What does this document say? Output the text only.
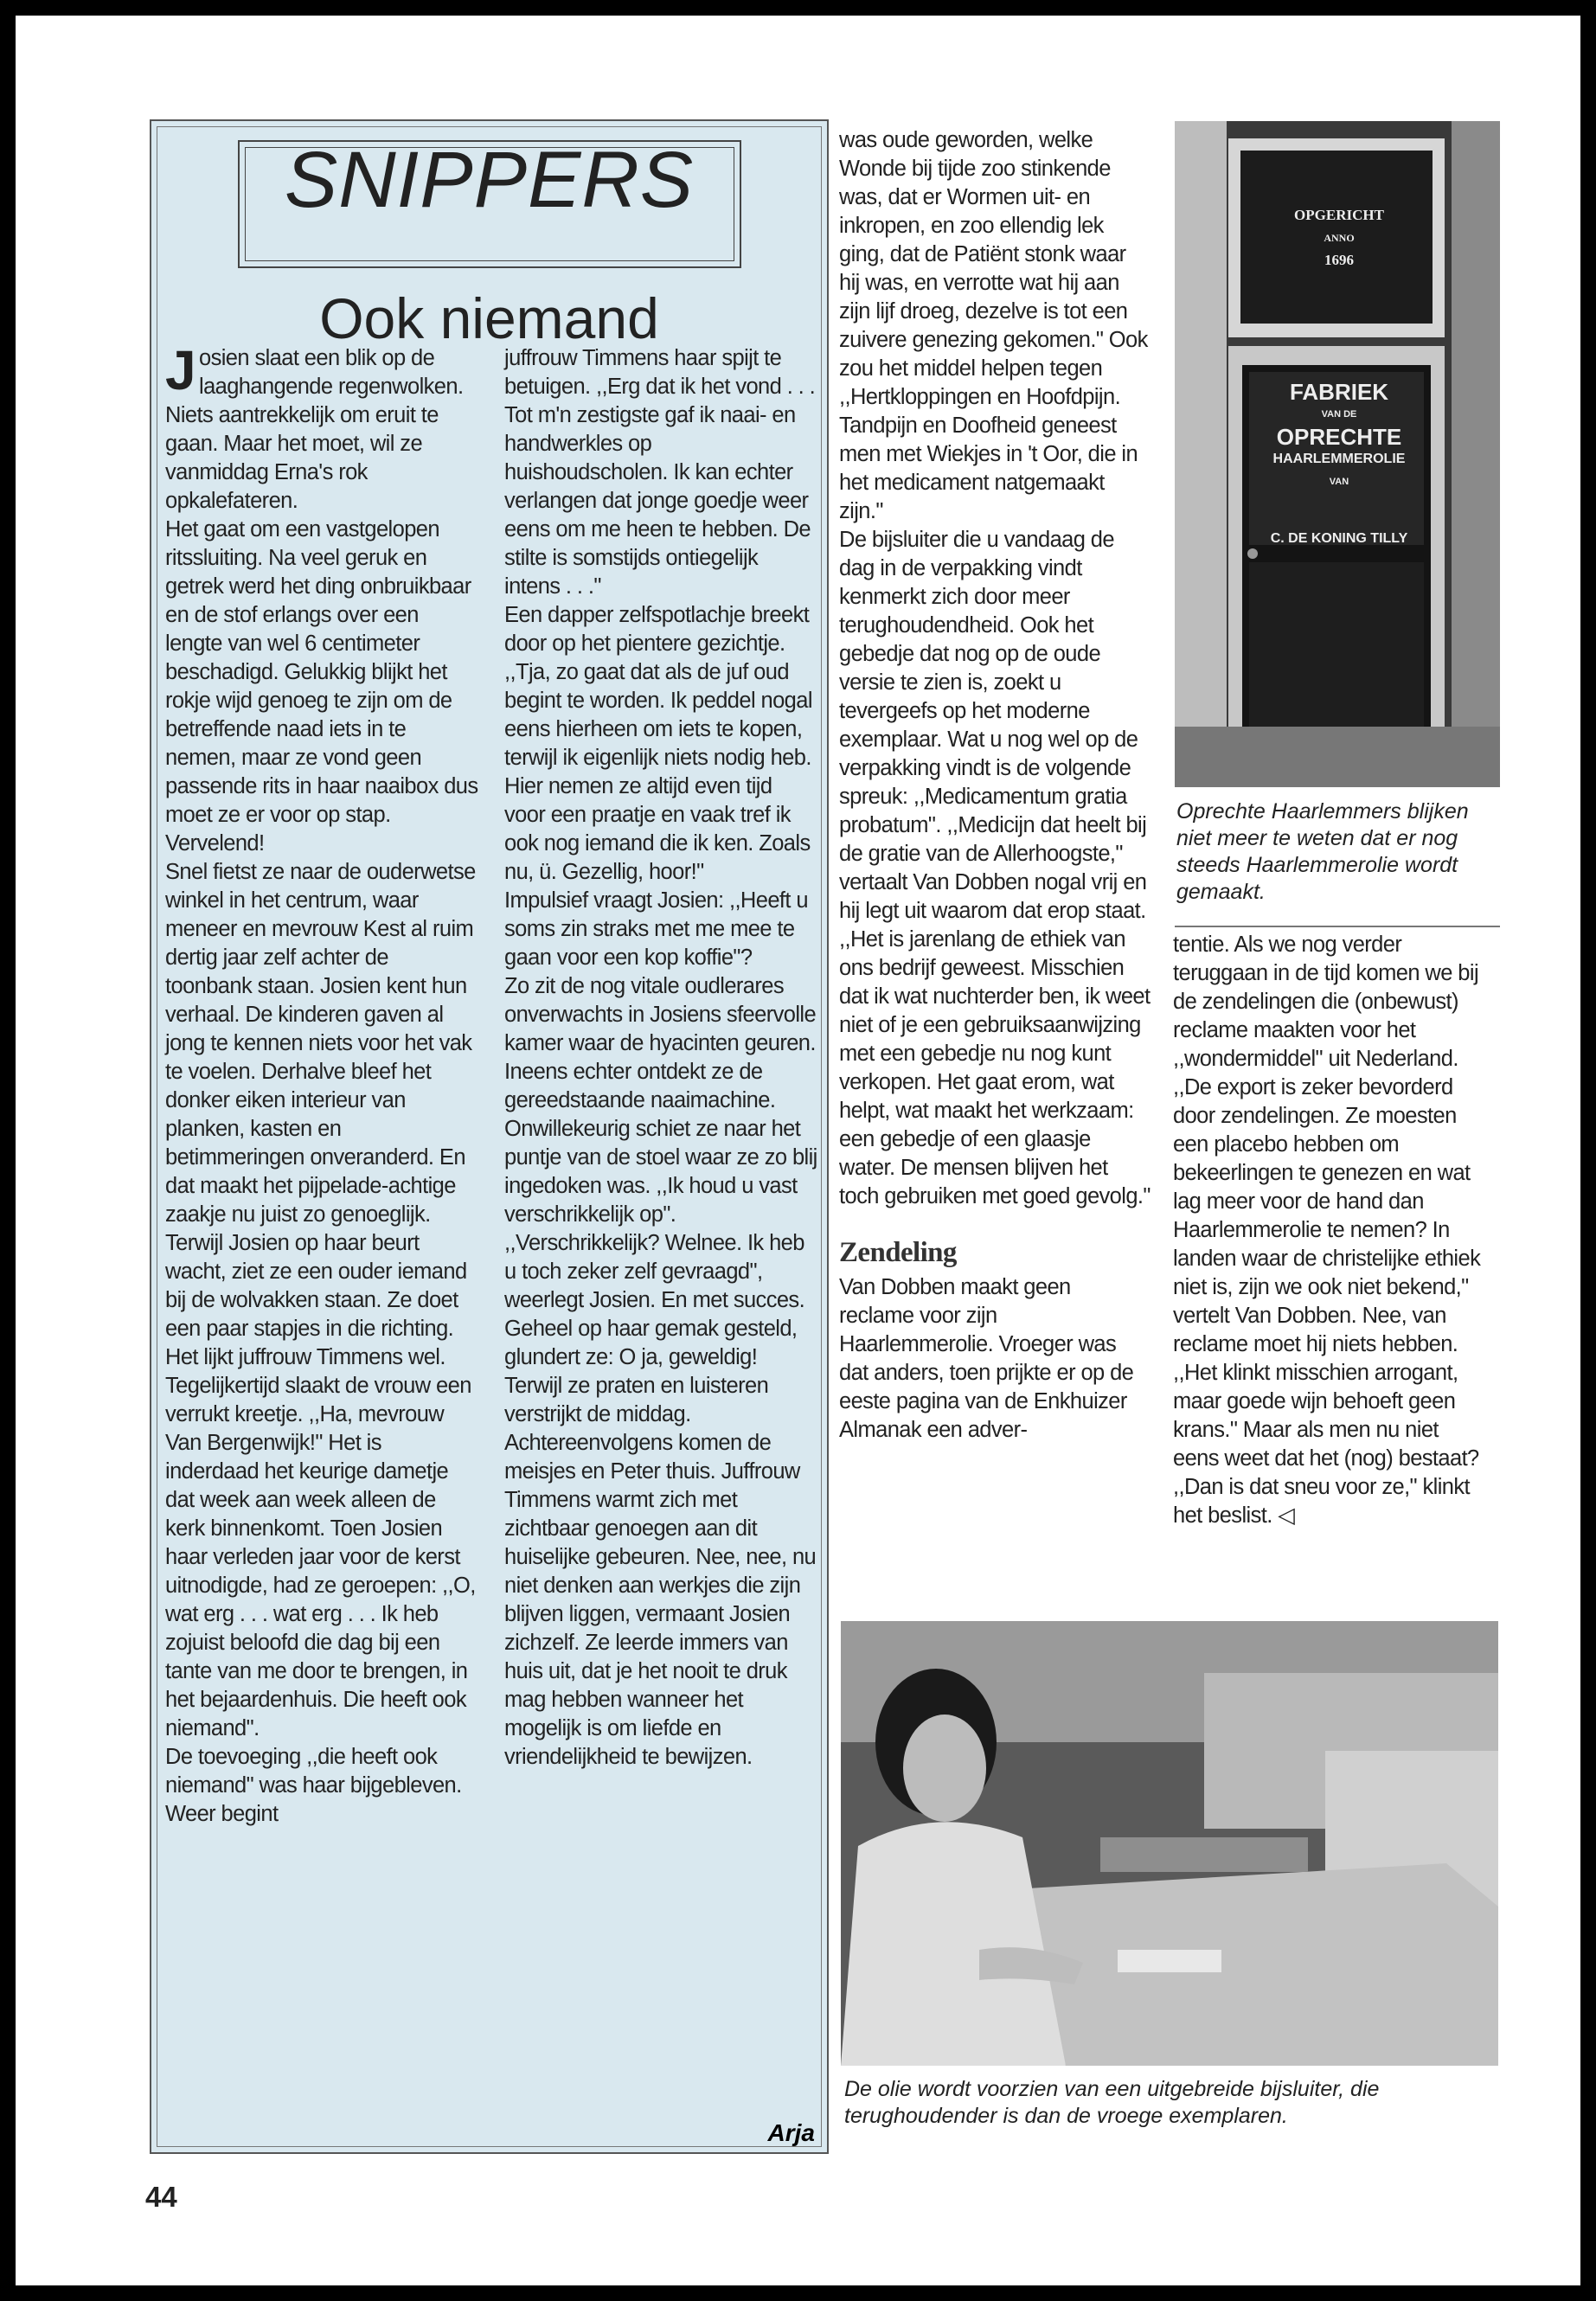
SNIPPERS
Ook niemand

Josien slaat een blik op de laaghangende regenwolken. Niets aantrekkelijk om eruit te gaan. Maar het moet, wil ze vanmiddag Erna's rok opkalefateren.

Het gaat om een vastgelopen ritssluiting. Na veel geruk en getrek werd het ding onbruikbaar en de stof erlangs over een lengte van wel 6 centimeter beschadigd. Gelukkig blijkt het rokje wijd genoeg te zijn om de betreffende naad iets in te nemen, maar ze vond geen passende rits in haar naaibox dus moet ze er voor op stap. Vervelend!

Snel fietst ze naar de ouderwetse winkel in het centrum, waar meneer en mevrouw Kest al ruim dertig jaar zelf achter de toonbank staan. Josien kent hun verhaal. De kinderen gaven al jong te kennen niets voor het vak te voelen. Derhalve bleef het donker eiken interieur van planken, kasten en betimmeringen onveranderd. En dat maakt het pijpelade-achtige zaakje nu juist zo genoeglijk.

Terwijl Josien op haar beurt wacht, ziet ze een ouder iemand bij de wolvakken staan. Ze doet een paar stapjes in die richting. Het lijkt juffrouw Timmens wel. Tegelijkertijd slaakt de vrouw een verrukt kreetje. ,,Ha, mevrouw Van Bergenwijk!" Het is inderdaad het keurige dametje dat week aan week alleen de kerk binnenkomt. Toen Josien haar verleden jaar voor de kerst uitnodigde, had ze geroepen: ,,O, wat erg . . . wat erg . . . Ik heb zojuist beloofd die dag bij een tante van me door te brengen, in het bejaardenhuis. Die heeft ook niemand".

De toevoeging ,,die heeft ook niemand" was haar bijgebleven. Weer begint

juffrouw Timmens haar spijt te betuigen. ,,Erg dat ik het vond . . . Tot m'n zestigste gaf ik naai- en handwerkles op huishoudscholen. Ik kan echter verlangen dat jonge goedje weer eens om me heen te hebben. De stilte is somstijds ontiegelijk intens . . ."

Een dapper zelfspotlachje breekt door op het pientere gezichtje. ,,Tja, zo gaat dat als de juf oud begint te worden. Ik peddel nogal eens hierheen om iets te kopen, terwijl ik eigenlijk niets nodig heb. Hier nemen ze altijd even tijd voor een praatje en vaak tref ik ook nog iemand die ik ken. Zoals nu, ü. Gezellig, hoor!"

Impulsief vraagt Josien: ,,Heeft u soms zin straks met me mee te gaan voor een kop koffie"?

Zo zit de nog vitale oudlerares onverwachts in Josiens sfeervolle kamer waar de hyacinten geuren. Ineens echter ontdekt ze de gereedstaande naaimachine. Onwillekeurig schiet ze naar het puntje van de stoel waar ze zo blij ingedoken was. ,,Ik houd u vast verschrikkelijk op".

,,Verschrikkelijk? Welnee. Ik heb u toch zeker zelf gevraagd", weerlegt Josien. En met succes. Geheel op haar gemak gesteld, glundert ze: O ja, geweldig!

Terwijl ze praten en luisteren verstrijkt de middag. Achtereenvolgens komen de meisjes en Peter thuis. Juffrouw Timmens warmt zich met zichtbaar genoegen aan dit huiselijke gebeuren. Nee, nee, nu niet denken aan werkjes die zijn blijven liggen, vermaant Josien zichzelf. Ze leerde immers van huis uit, dat je het nooit te druk mag hebben wanneer het mogelijk is om liefde en vriendelijkheid te bewijzen.

Arja

was oude geworden, welke Wonde bij tijde zoo stinkende was, dat er Wormen uit- en inkropen, en zoo ellendig lek ging, dat de Patiënt stonk waar hij was, en verrotte wat hij aan zijn lijf droeg, dezelve is tot een zuivere genezing gekomen." Ook zou het middel helpen tegen ,,Hertkloppingen en Hoofdpijn. Tandpijn en Doofheid geneest men met Wiekjes in 't Oor, die in het medicament natgemaakt zijn."

De bijsluiter die u vandaag de dag in de verpakking vindt kenmerkt zich door meer terughoudendheid. Ook het gebedje dat nog op de oude versie te zien is, zoekt u tevergeefs op het moderne exemplaar. Wat u nog wel op de verpakking vindt is de volgende spreuk: ,,Medicamentum gratia probatum". ,,Medicijn dat heelt bij de gratie van de Allerhoogste," vertaalt Van Dobben nogal vrij en hij legt uit waarom dat erop staat. ,,Het is jarenlang de ethiek van ons bedrijf geweest. Misschien dat ik wat nuchterder ben, ik weet niet of je een gebruiksaanwijzing met een gebedje nu nog kunt verkopen. Het gaat erom, wat helpt, wat maakt het werkzaam: een gebedje of een glaasje water. De mensen blijven het toch gebruiken met goed gevolg."

Zendeling

Van Dobben maakt geen reclame voor zijn Haarlemmerolie. Vroeger was dat anders, toen prijkte er op de eeste pagina van de Enkhuizer Almanak een adver-

tentie. Als we nog verder teruggaan in de tijd komen we bij de zendelingen die (onbewust) reclame maakten voor het ,,wondermiddel" uit Nederland. ,,De export is zeker bevorderd door zendelingen. Ze moesten een placebo hebben om bekeerlingen te genezen en wat lag meer voor de hand dan Haarlemmerolie te nemen? In landen waar de christelijke ethiek niet is, zijn we ook niet bekend," vertelt Van Dobben. Nee, van reclame moet hij niets hebben. ,,Het klinkt misschien arrogant, maar goede wijn behoeft geen krans." Maar als men nu niet eens weet dat het (nog) bestaat? ,,Dan is dat sneu voor ze," klinkt het beslist. ◁

OPGERICHT
ANNO
1696
FABRIEK
VAN DE
OPRECHTE
HAARLEMMEROLIE
VAN
C. DE KONING TILLY
Oprechte Haarlemmers blijken niet meer te weten dat er nog steeds Haarlemmerolie wordt gemaakt.
De olie wordt voorzien van een uitgebreide bijsluiter, die terughoudender is dan de vroege exemplaren.
44
